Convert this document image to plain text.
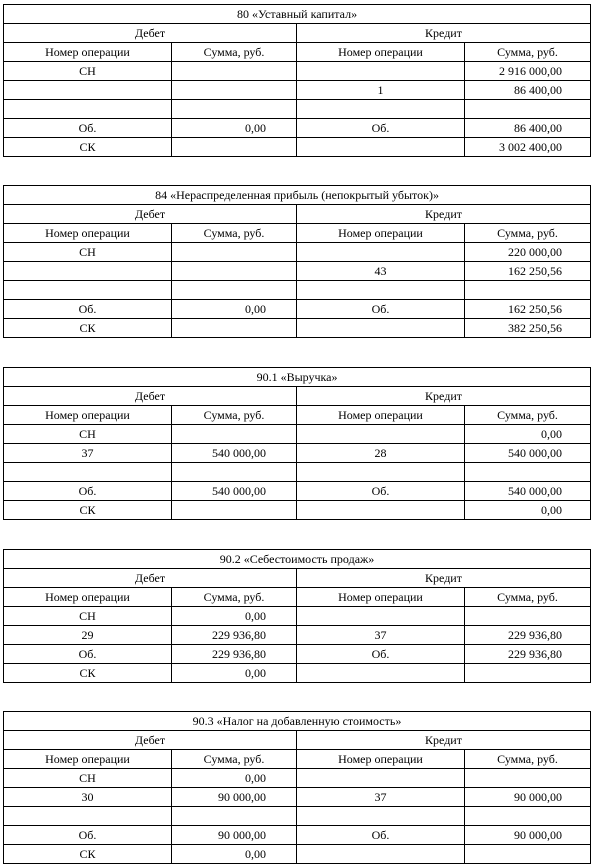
80 «Уставный капитал»			
Дебет		Кредит	
Номер операции	Сумма, руб.	Номер операции	Сумма, руб.
СН			2 916 000,00
		1	86 400,00

Об.	0,00	Об.	86 400,00
СК			3 002 400,00
84 «Нераспределенная прибыль (непокрытый убыток)»			
Дебет		Кредит	
Номер операции	Сумма, руб.	Номер операции	Сумма, руб.
СН			220 000,00
		43	162 250,56

Об.	0,00	Об.	162 250,56
СК			382 250,56
90.1 «Выручка»			
Дебет		Кредит	
Номер операции	Сумма, руб.	Номер операции	Сумма, руб.
СН			0,00
37	540 000,00	28	540 000,00

Об.	540 000,00	Об.	540 000,00
СК			0,00
90.2 «Себестоимость продаж»			
Дебет		Кредит	
Номер операции	Сумма, руб.	Номер операции	Сумма, руб.
СН	0,00		
29	229 936,80	37	229 936,80
Об.	229 936,80	Об.	229 936,80
СК	0,00		
90.3 «Налог на добавленную стоимость»			
Дебет		Кредит	
Номер операции	Сумма, руб.	Номер операции	Сумма, руб.
СН	0,00		
30	90 000,00	37	90 000,00

Об.	90 000,00	Об.	90 000,00
СК	0,00		
